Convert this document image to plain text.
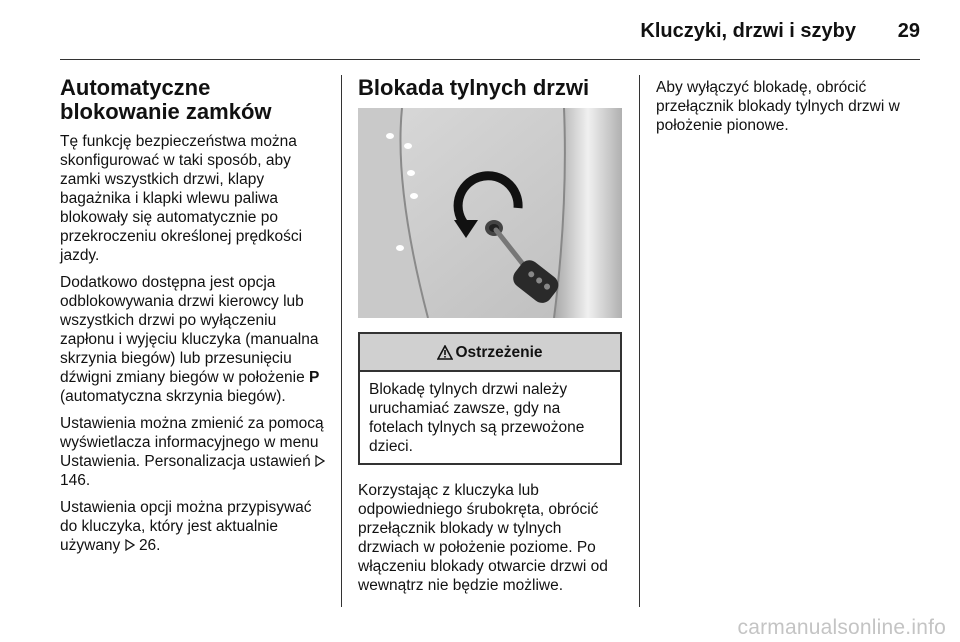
Kluczyki, drzwi i szyby 29
Automatyczne blokowanie zamków

Tę funkcję bezpieczeństwa można skonfigurować w taki sposób, aby zamki wszystkich drzwi, klapy bagażnika i klapki wlewu paliwa blokowały się automatycznie po przekroczeniu określonej prędkości jazdy.

Dodatkowo dostępna jest opcja odblokowywania drzwi kierowcy lub wszystkich drzwi po wyłączeniu zapłonu i wyjęciu kluczyka (manualna skrzynia biegów) lub przesunięciu dźwigni zmiany biegów w położenie P (automatyczna skrzynia biegów).

Ustawienia można zmienić za pomocą wyświetlacza informacyjnego w menu Ustawienia. Personalizacja ustawień  146.

Ustawienia opcji można przypisywać do kluczyka, który jest aktualnie używany  26.

Blokada tylnych drzwi
Ostrzeżenie
Blokadę tylnych drzwi należy uruchamiać zawsze, gdy na fotelach tylnych są przewożone dzieci.

Korzystając z kluczyka lub odpowiedniego śrubokręta, obrócić przełącznik blokady w tylnych drzwiach w położenie poziome. Po włączeniu blokady otwarcie drzwi od wewnątrz nie będzie możliwe.

Aby wyłączyć blokadę, obrócić przełącznik blokady tylnych drzwi w położenie pionowe.

carmanualsonline.info
